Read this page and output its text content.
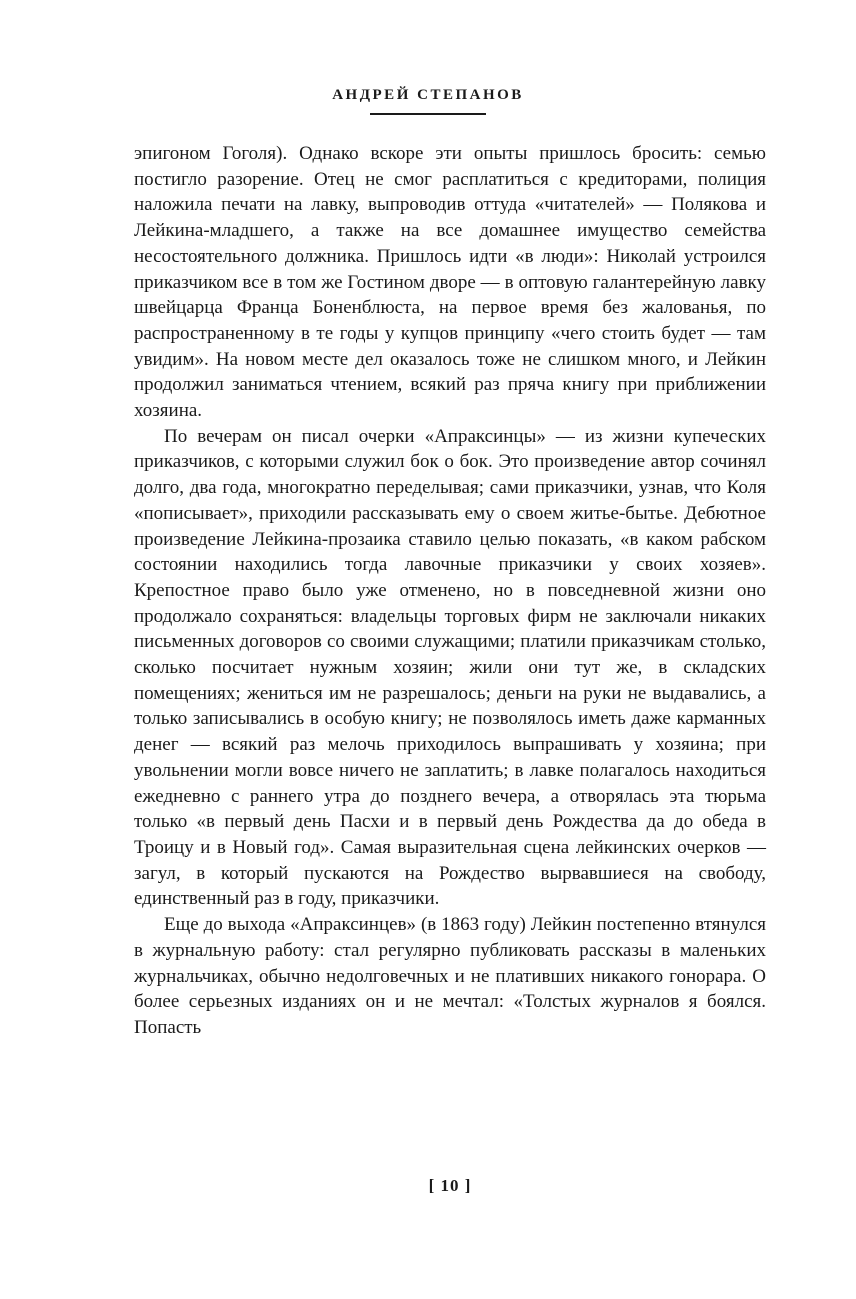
АНДРЕЙ СТЕПАНОВ

эпигоном Гоголя). Однако вскоре эти опыты пришлось бросить: семью постигло разорение. Отец не смог расплатиться с кредиторами, полиция наложила печати на лавку, выпроводив оттуда «читателей» — Полякова и Лейкина-младшего, а также на все домашнее имущество семейства несостоятельного должника. Пришлось идти «в люди»: Николай устроился приказчиком все в том же Гостином дворе — в оптовую галантерейную лавку швейцарца Франца Боненблюста, на первое время без жалованья, по распространенному в те годы у купцов принципу «чего стоить будет — там увидим». На новом месте дел оказалось тоже не слишком много, и Лейкин продолжил заниматься чтением, всякий раз пряча книгу при приближении хозяина.

По вечерам он писал очерки «Апраксинцы» — из жизни купеческих приказчиков, с которыми служил бок о бок. Это произведение автор сочинял долго, два года, многократно переделывая; сами приказчики, узнав, что Коля «пописывает», приходили рассказывать ему о своем житье-бытье. Дебютное произведение Лейкина-прозаика ставило целью показать, «в каком рабском состоянии находились тогда лавочные приказчики у своих хозяев». Крепостное право было уже отменено, но в повседневной жизни оно продолжало сохраняться: владельцы торговых фирм не заключали никаких письменных договоров со своими служащими; платили приказчикам столько, сколько посчитает нужным хозяин; жили они тут же, в складских помещениях; жениться им не разрешалось; деньги на руки не выдавались, а только записывались в особую книгу; не позволялось иметь даже карманных денег — всякий раз мелочь приходилось выпрашивать у хозяина; при увольнении могли вовсе ничего не заплатить; в лавке полагалось находиться ежедневно с раннего утра до позднего вечера, а отворялась эта тюрьма только «в первый день Пасхи и в первый день Рождества да до обеда в Троицу и в Новый год». Самая выразительная сцена лейкинских очерков — загул, в который пускаются на Рождество вырвавшиеся на свободу, единственный раз в году, приказчики.

Еще до выхода «Апраксинцев» (в 1863 году) Лейкин постепенно втянулся в журнальную работу: стал регулярно публиковать рассказы в маленьких журнальчиках, обычно недолговечных и не плативших никакого гонорара. О более серьезных изданиях он и не мечтал: «Толстых журналов я боялся. Попасть

[ 10 ]
